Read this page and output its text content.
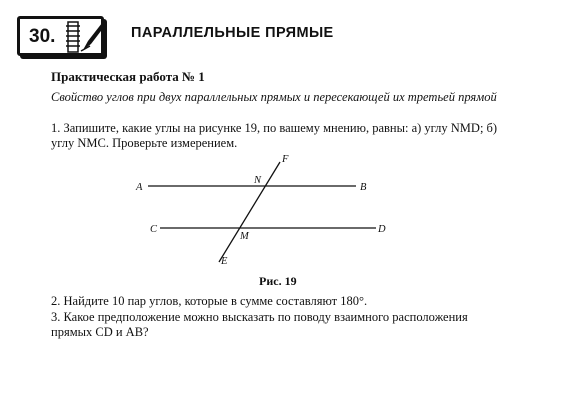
30.	ПАРАЛЛЕЛЬНЫЕ ПРЯМЫЕ
Практическая работа № 1
Свойство углов при двух параллельных прямых и пересекающей их третьей прямой
1. Запишите, какие углы на рисунке 19, по вашему мнению, равны: а) углу NMD; б) углу NMC. Проверьте измерением.
A	B
C	D
F
E
N
M
Рис. 19
2. Найдите 10 пар углов, которые в сумме составляют 180°.
3. Какое предположение можно высказать по поводу взаимного расположения прямых CD и AB?
